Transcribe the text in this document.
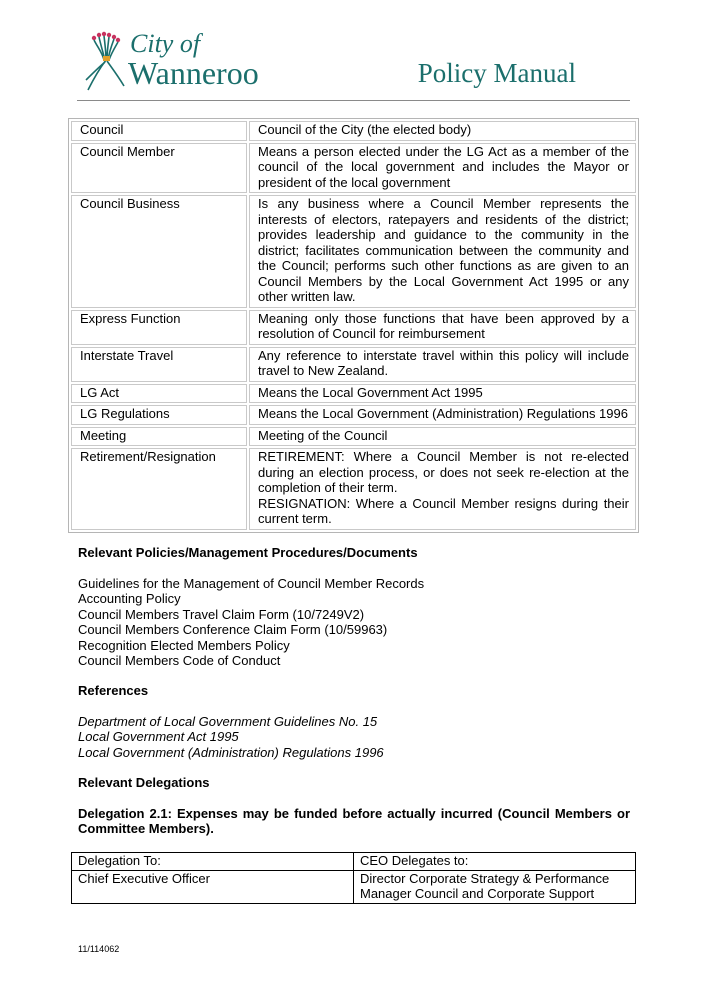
City of
Wanneroo	Policy Manual
Council	Council of the City (the elected body)
Council Member	Means a person elected under the LG Act as a member of the council of the local government and includes the Mayor or president of the local government
Council Business	Is any business where a Council Member represents the interests of electors, ratepayers and residents of the district; provides leadership and guidance to the community in the district; facilitates communication between the community and the Council; performs such other functions as are given to an Council Members by the Local Government Act 1995 or any other written law.
Express Function	Meaning only those functions that have been approved by a resolution of Council for reimbursement
Interstate Travel	Any reference to interstate travel within this policy will include travel to New Zealand.
LG Act	Means the Local Government Act 1995
LG Regulations	Means the Local Government (Administration) Regulations 1996
Meeting	Meeting of the Council
Retirement/Resignation	RETIREMENT: Where a Council Member is not re-elected during an election process, or does not seek re-election at the completion of their term.
RESIGNATION: Where a Council Member resigns during their current term.
Relevant Policies/Management Procedures/Documents
Guidelines for the Management of Council Member Records
Accounting Policy
Council Members Travel Claim Form (10/7249V2)
Council Members Conference Claim Form (10/59963)
Recognition Elected Members Policy
Council Members Code of Conduct
References
Department of Local Government Guidelines No. 15
Local Government Act 1995
Local Government (Administration) Regulations 1996
Relevant Delegations
Delegation 2.1: Expenses may be funded before actually incurred (Council Members or Committee Members).
Delegation To:	CEO Delegates to:
Chief Executive Officer	Director Corporate Strategy & Performance
Manager Council and Corporate Support
11/114062
